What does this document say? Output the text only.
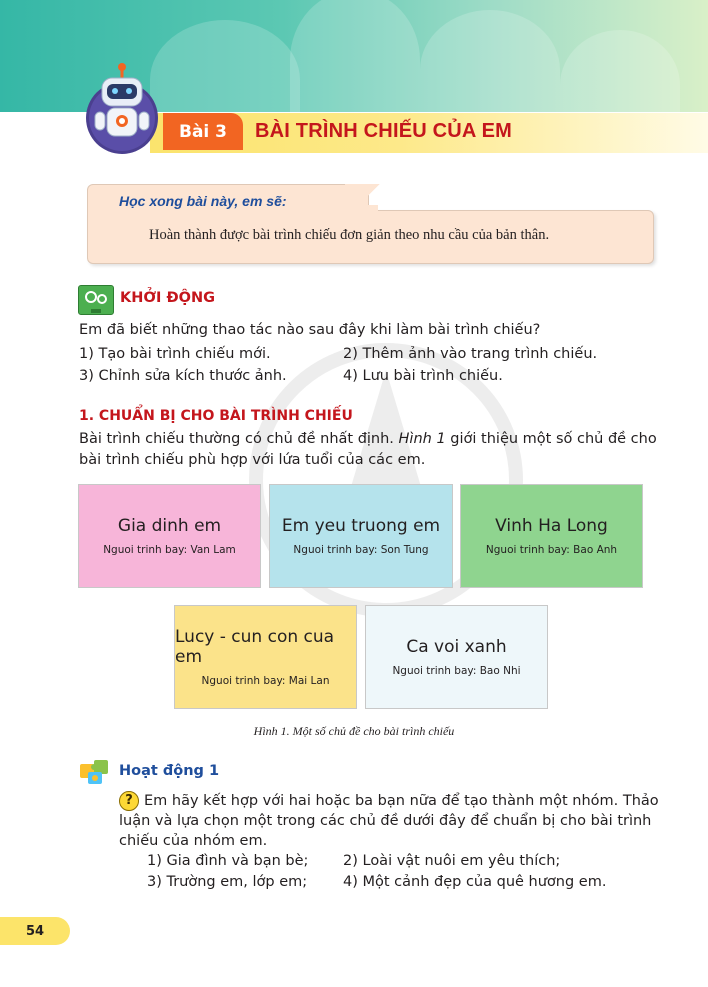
Bài 3	BÀI TRÌNH CHIẾU CỦA EM
Học xong bài này, em sẽ:
Hoàn thành được bài trình chiếu đơn giản theo nhu cầu của bản thân.
KHỞI ĐỘNG
Em đã biết những thao tác nào sau đây khi làm bài trình chiếu?
1) Tạo bài trình chiếu mới.	2) Thêm ảnh vào trang trình chiếu.
3) Chỉnh sửa kích thước ảnh.	4) Lưu bài trình chiếu.
1. CHUẨN BỊ CHO BÀI TRÌNH CHIẾU
Bài trình chiếu thường có chủ đề nhất định. Hình 1 giới thiệu một số chủ đề cho
bài trình chiếu phù hợp với lứa tuổi của các em.
Gia dinh em
Nguoi trinh bay: Van Lam
Em yeu truong em
Nguoi trinh bay: Son Tung
Vinh Ha Long
Nguoi trinh bay: Bao Anh
Lucy - cun con cua em
Nguoi trinh bay: Mai Lan
Ca voi xanh
Nguoi trinh bay: Bao Nhi
Hình 1. Một số chủ đề cho bài trình chiếu
Hoạt động 1
? Em hãy kết hợp với hai hoặc ba bạn nữa để tạo thành một nhóm. Thảo
luận và lựa chọn một trong các chủ đề dưới đây để chuẩn bị cho bài trình
chiếu của nhóm em.
1) Gia đình và bạn bè; 2) Loài vật nuôi em yêu thích;
3) Trường em, lớp em; 4) Một cảnh đẹp của quê hương em.
54
